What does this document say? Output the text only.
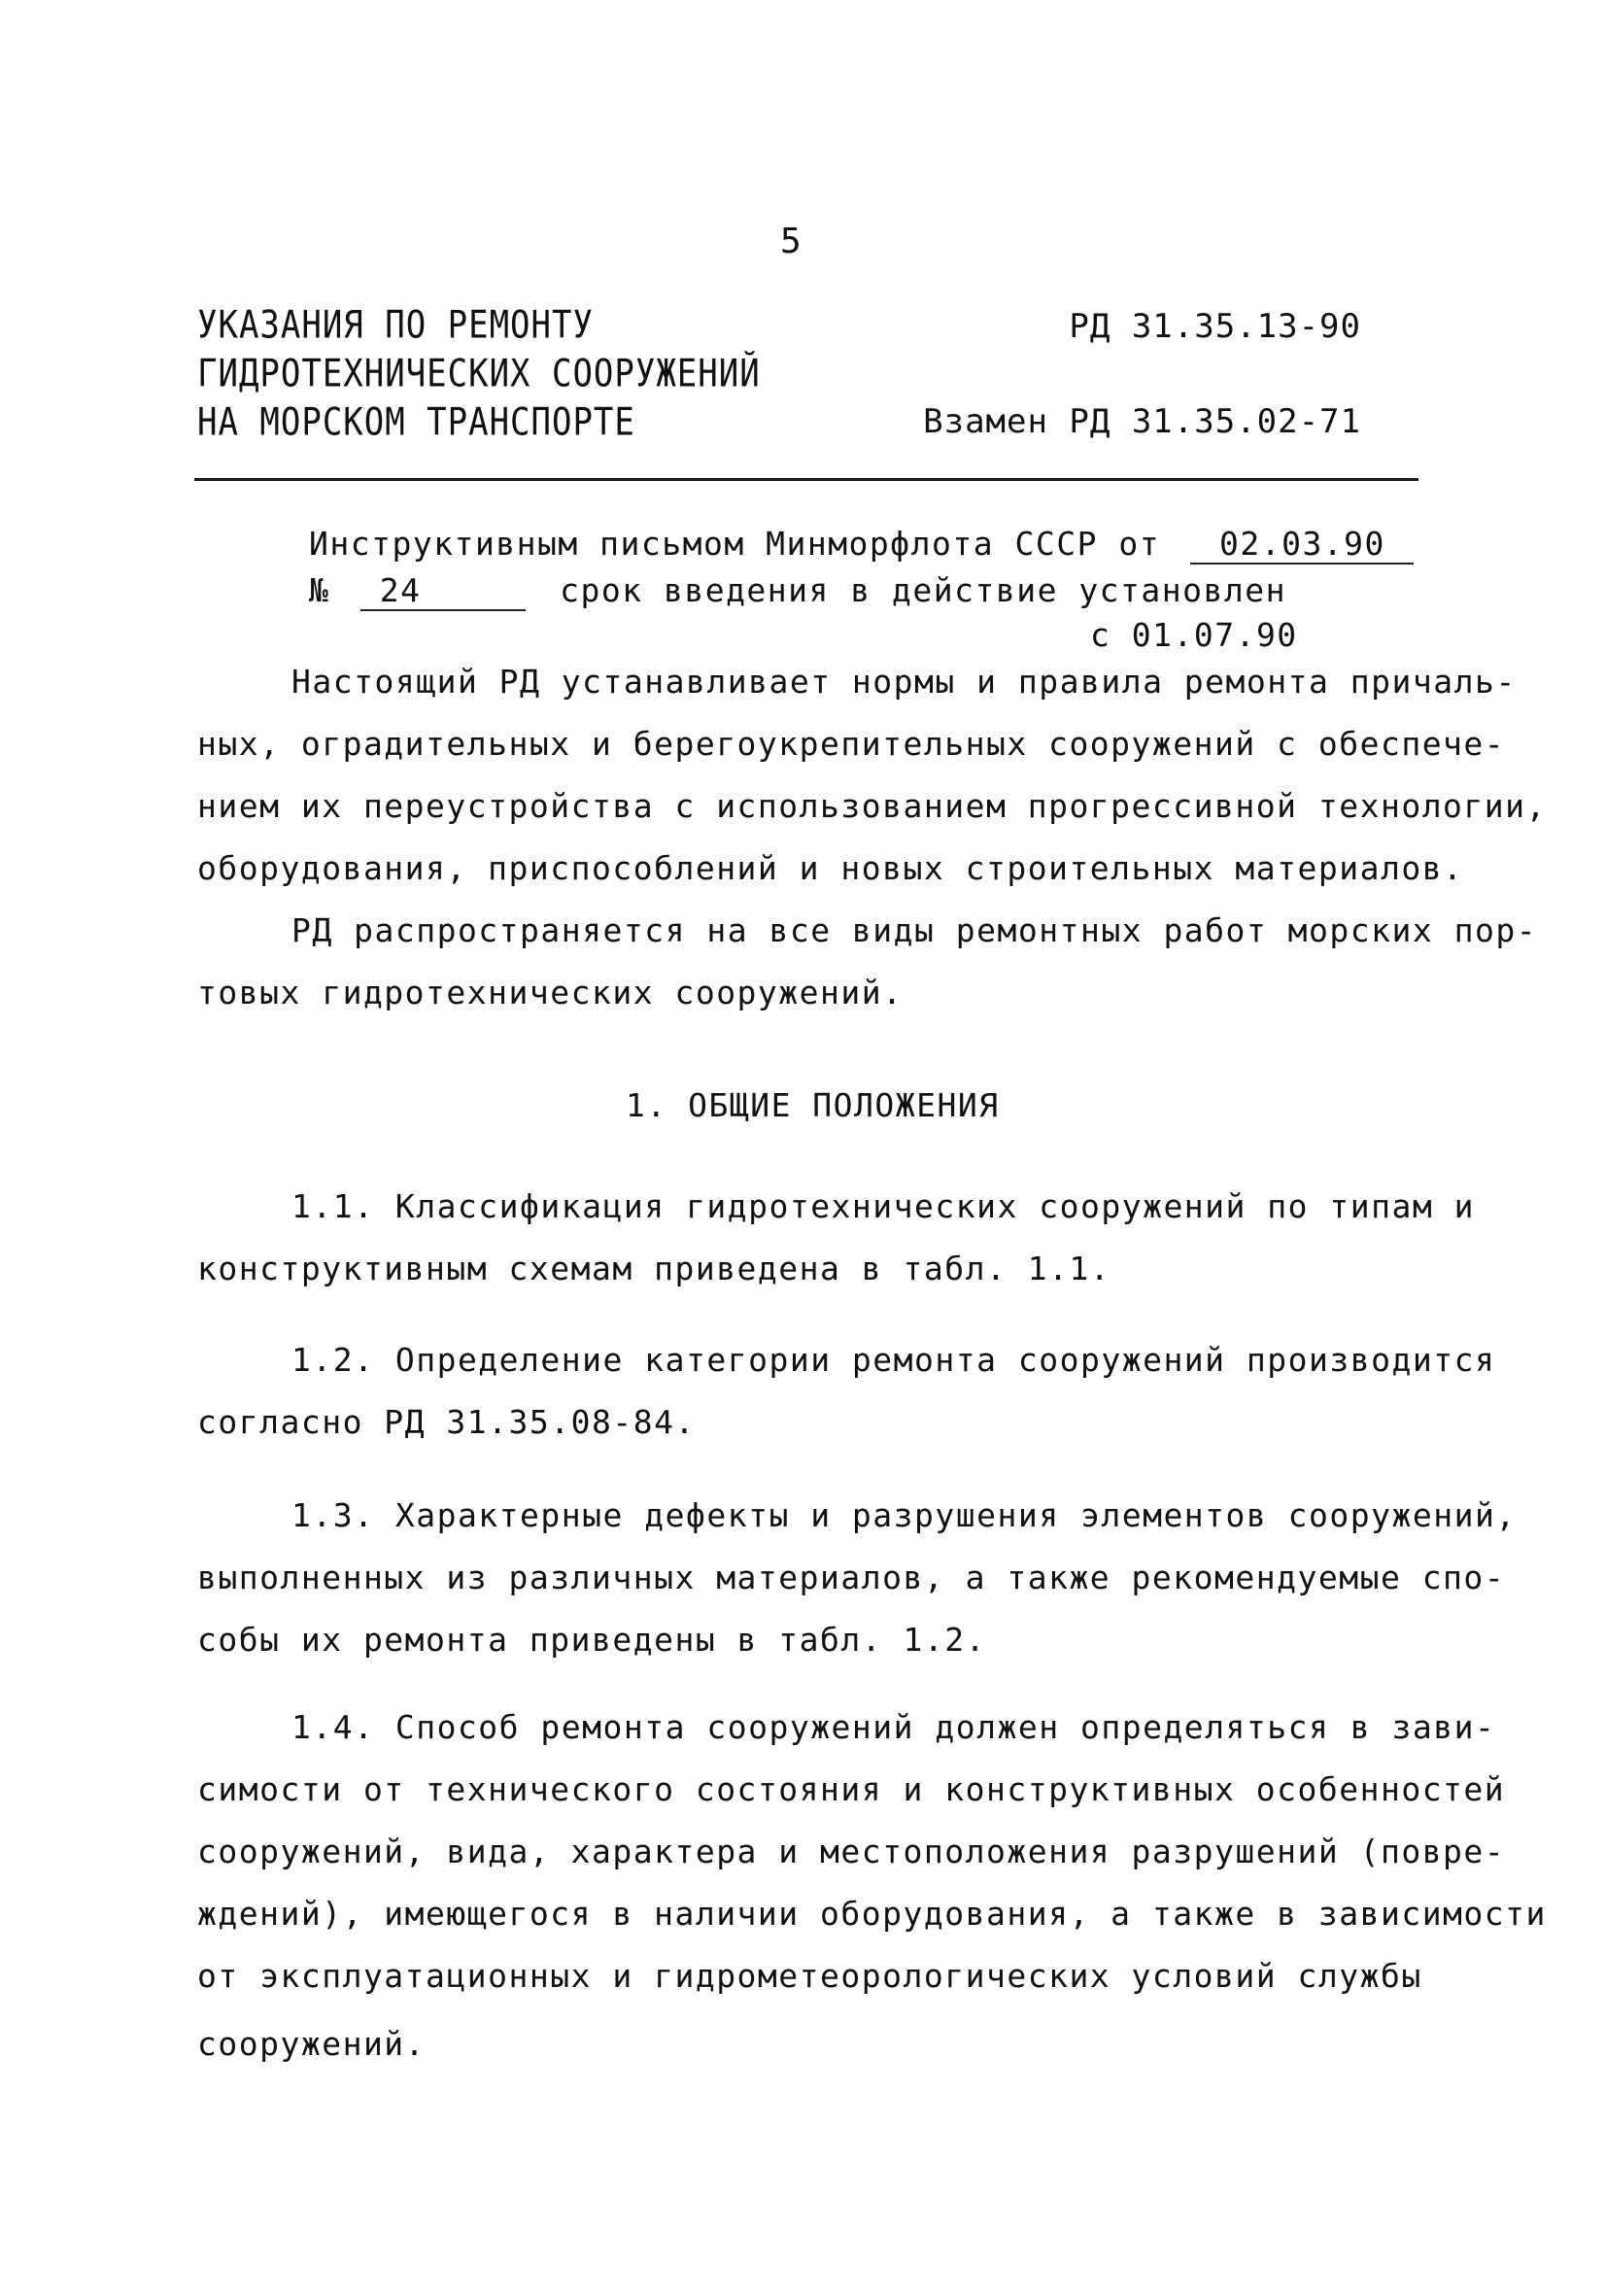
5
УКАЗАНИЯ ПО РЕМОНТУ
ГИДРОТЕХНИЧЕСКИХ СООРУЖЕНИЙ
НА МОРСКОМ ТРАНСПОРТЕ
РД 31.35.13-90
Взамен РД 31.35.02-71
Инструктивным письмом Минморфлота СССР от 02.03.90
№ 24	срок введения в действие установлен
с 01.07.90
Настоящий РД устанавливает нормы и правила ремонта причаль-
ных, оградительных и берегоукрепительных сооружений с обеспече-
нием их переустройства с использованием прогрессивной технологии,
оборудования, приспособлений и новых строительных материалов.
РД распространяется на все виды ремонтных работ морских пор-
товых гидротехнических сооружений.
1. ОБЩИЕ ПОЛОЖЕНИЯ
1.1. Классификация гидротехнических сооружений по типам и
конструктивным схемам приведена в табл. 1.1.
1.2. Определение категории ремонта сооружений производится
согласно РД 31.35.08-84.
1.3. Характерные дефекты и разрушения элементов сооружений,
выполненных из различных материалов, а также рекомендуемые спо-
собы их ремонта приведены в табл. 1.2.
1.4. Способ ремонта сооружений должен определяться в зави-
симости от технического состояния и конструктивных особенностей
сооружений, вида, характера и местоположения разрушений (повре-
ждений), имеющегося в наличии оборудования, а также в зависимости
от эксплуатационных и гидрометеорологических условий службы
сооружений.
